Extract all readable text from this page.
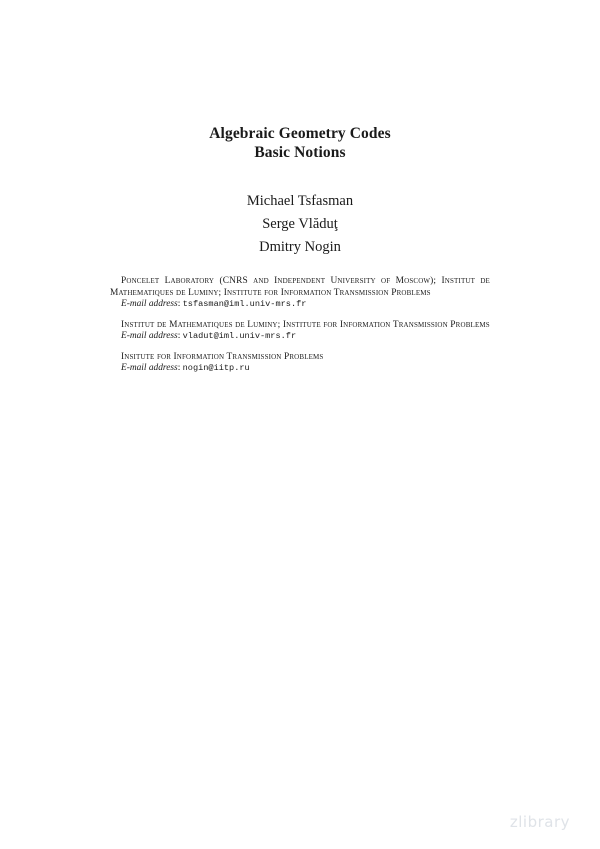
Algebraic Geometry Codes
Basic Notions
Michael Tsfasman
Serge Vlăduţ
Dmitry Nogin
Poncelet Laboratory (CNRS and Independent University of Moscow); Institut de Mathematiques de Luminy; Institute for Information Transmission Problems
E-mail address: tsfasman@iml.univ-mrs.fr
Institut de Mathematiques de Luminy; Institute for Information Transmission Problems
E-mail address: vladut@iml.univ-mrs.fr
Insitute for Information Transmission Problems
E-mail address: nogin@iitp.ru
zlibrary
